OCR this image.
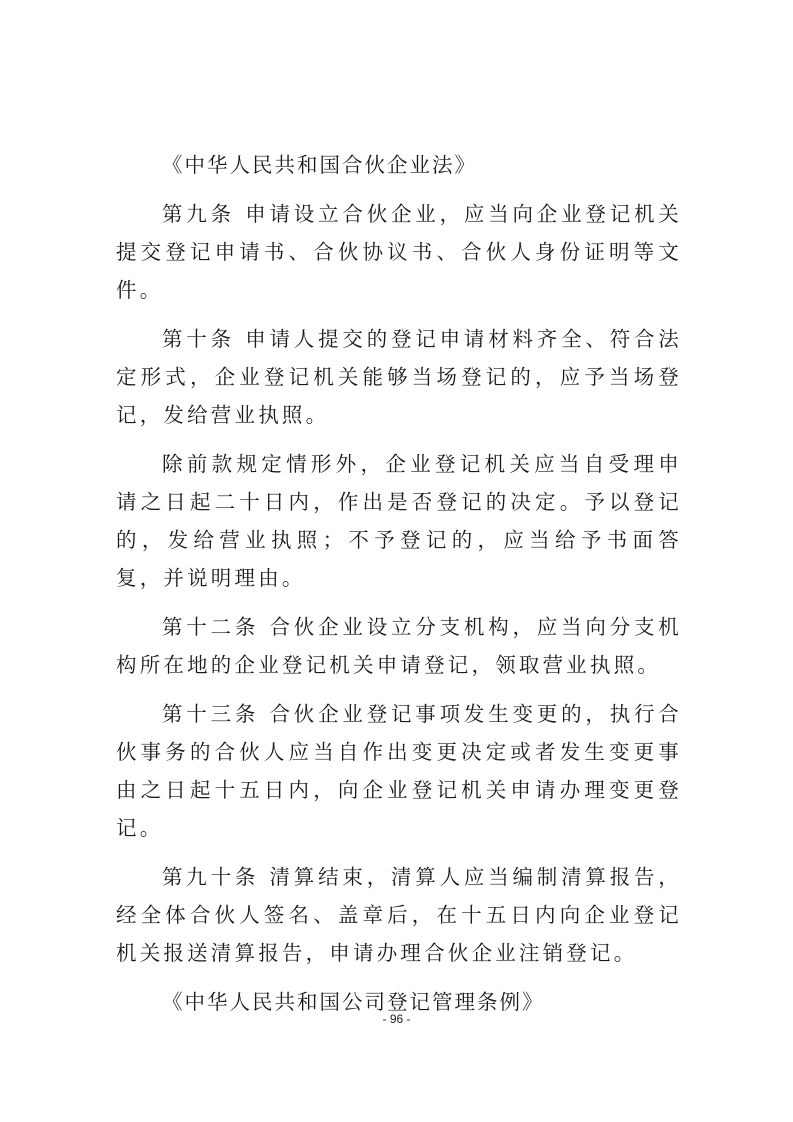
《中华人民共和国合伙企业法》

第九条 申请设立合伙企业，应当向企业登记机关提交登记申请书、合伙协议书、合伙人身份证明等文件。

第十条 申请人提交的登记申请材料齐全、符合法定形式，企业登记机关能够当场登记的，应予当场登记，发给营业执照。

除前款规定情形外，企业登记机关应当自受理申请之日起二十日内，作出是否登记的决定。予以登记的，发给营业执照；不予登记的，应当给予书面答复，并说明理由。

第十二条 合伙企业设立分支机构，应当向分支机构所在地的企业登记机关申请登记，领取营业执照。

第十三条 合伙企业登记事项发生变更的，执行合伙事务的合伙人应当自作出变更决定或者发生变更事由之日起十五日内，向企业登记机关申请办理变更登记。

第九十条 清算结束，清算人应当编制清算报告，经全体合伙人签名、盖章后，在十五日内向企业登记机关报送清算报告，申请办理合伙企业注销登记。

《中华人民共和国公司登记管理条例》

- 96 -
